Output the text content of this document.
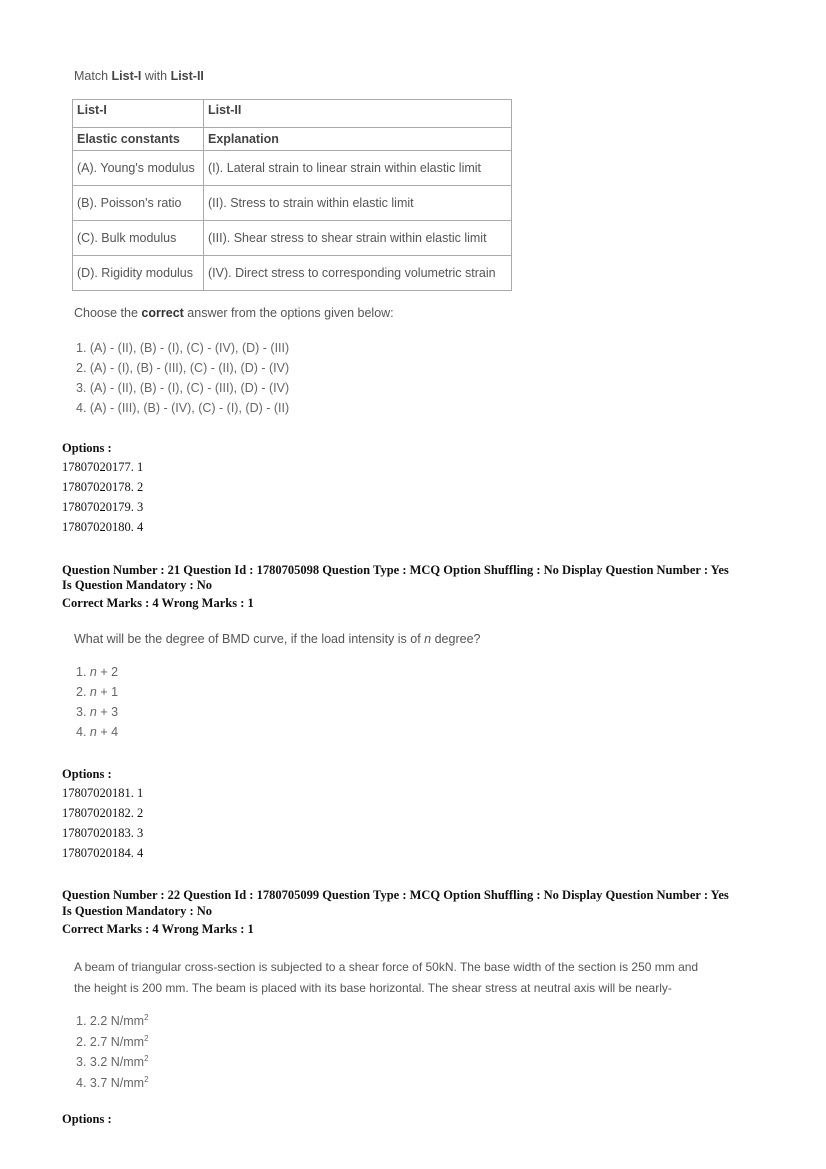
Match List-I with List-II
List-I	List-II
Elastic constants	Explanation
(A). Young's modulus	(I). Lateral strain to linear strain within elastic limit
(B). Poisson's ratio	(II). Stress to strain within elastic limit
(C). Bulk modulus	(III). Shear stress to shear strain within elastic limit
(D). Rigidity modulus	(IV). Direct stress to corresponding volumetric strain
Choose the correct answer from the options given below:
1. (A) - (II), (B) - (I), (C) - (IV), (D) - (III)
2. (A) - (I), (B) - (III), (C) - (II), (D) - (IV)
3. (A) - (II), (B) - (I), (C) - (III), (D) - (IV)
4. (A) - (III), (B) - (IV), (C) - (I), (D) - (II)
Options :
17807020177. 1
17807020178. 2
17807020179. 3
17807020180. 4
Question Number : 21 Question Id : 1780705098 Question Type : MCQ Option Shuffling : No Display Question Number : Yes
Is Question Mandatory : No
Correct Marks : 4 Wrong Marks : 1
What will be the degree of BMD curve, if the load intensity is of n degree?
1. n + 2
2. n + 1
3. n + 3
4. n + 4
Options :
17807020181. 1
17807020182. 2
17807020183. 3
17807020184. 4
Question Number : 22 Question Id : 1780705099 Question Type : MCQ Option Shuffling : No Display Question Number : Yes
Is Question Mandatory : No
Correct Marks : 4 Wrong Marks : 1
A beam of triangular cross-section is subjected to a shear force of 50kN. The base width of the section is 250 mm and
the height is 200 mm. The beam is placed with its base horizontal. The shear stress at neutral axis will be nearly-
1. 2.2 $N/mm^2$
2. 2.7 $N/mm^2$
3. 3.2 $N/mm^2$
4. 3.7 $N/mm^2$
Options :
